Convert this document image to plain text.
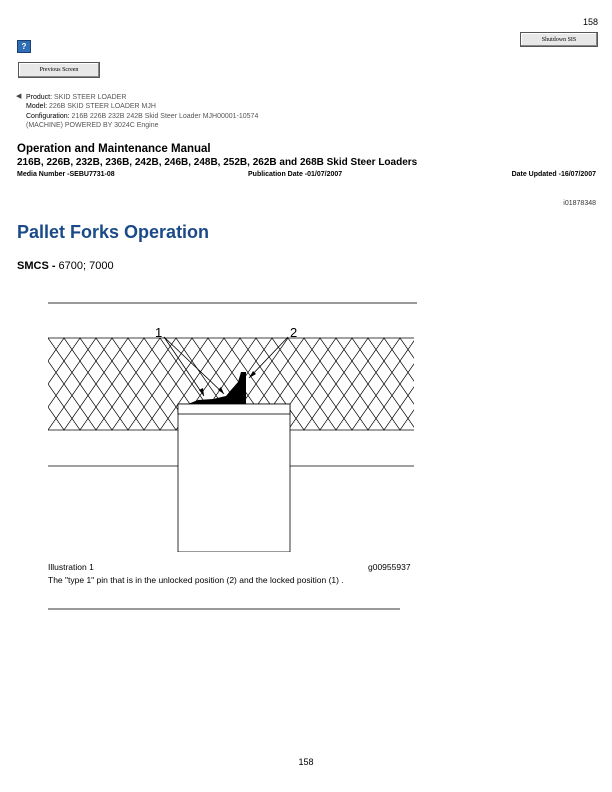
158
Shutdown SIS
?
Previous Screen
◀ Product: SKID STEER LOADER
Model: 226B SKID STEER LOADER MJH
Configuration: 216B 226B 232B 242B Skid Steer Loader MJH00001-10574
(MACHINE) POWERED BY 3024C Engine
Operation and Maintenance Manual
216B, 226B, 232B, 236B, 242B, 246B, 248B, 252B, 262B and 268B Skid Steer Loaders
Media Number -SEBU7731-08	Publication Date -01/07/2007	Date Updated -16/07/2007
i01878348
Pallet Forks Operation
SMCS - 6700; 7000
1	2
Illustration 1	g00955937
The "type 1" pin that is in the unlocked position (2) and the locked position (1) .
158
